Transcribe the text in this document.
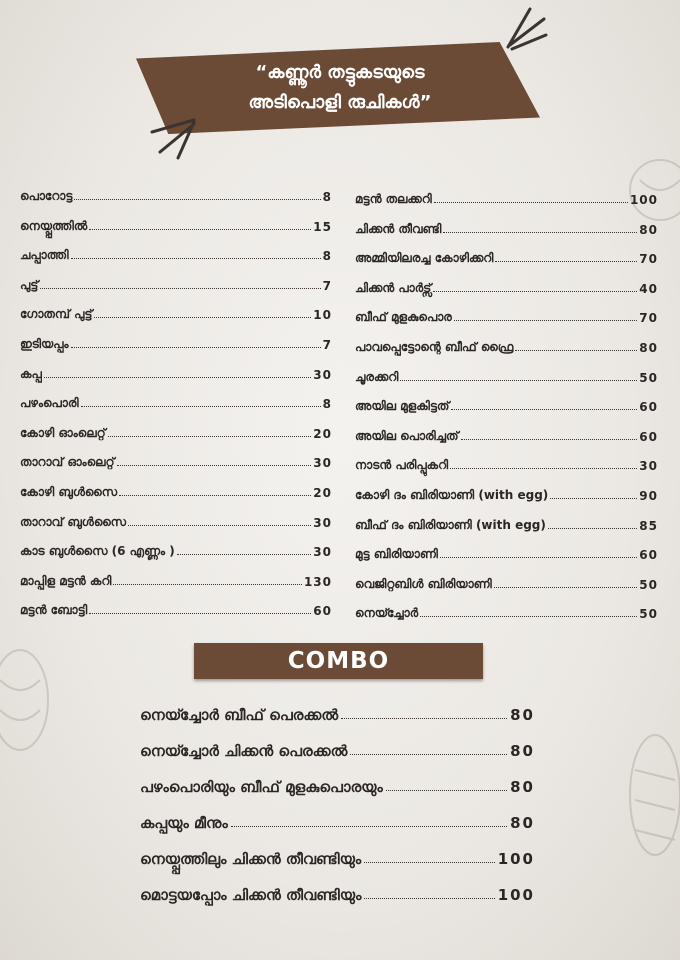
“കണ്ണൂർ തട്ടുകടയുടെ
അടിപൊളി രുചികൾ”
COMBO
പൊറോട്ട	8
നെയ്പ്പത്തിൽ	15
ചപ്പാത്തി	8
പുട്ട്	7
ഗോതമ്പ് പുട്ട്	10
ഇടിയപ്പം	7
കപ്പ	30
പഴംപൊരി	8
കോഴി ഓംലെറ്റ്	20
താറാവ് ഓംലെറ്റ്	30
കോഴി ബുൾസൈ	20
താറാവ് ബുൾസൈ	30
കാട ബുൾസൈ (6 എണ്ണം )	30
മാപ്പിള മട്ടൻ കറി	130
മട്ടൻ ബോട്ടി	60
മട്ടൻ തലക്കറി	100
ചിക്കൻ തീവണ്ടി	80
അമ്മിയിലരച്ച കോഴിക്കറി	70
ചിക്കൻ പാർട്സ്	40
ബീഫ് മുളകുപൊര	70
പാവപ്പെട്ടോന്റെ ബീഫ് ഫ്രൈ	80
ചൂരക്കറി	50
അയില മുളകിട്ടത്	60
അയില പൊരിച്ചത്	60
നാടൻ പരിപ്പുകറി	30
കോഴി ദം ബിരിയാണി (with egg)	90
ബീഫ് ദം ബിരിയാണി (with egg)	85
മുട്ട ബിരിയാണി	60
വെജിറ്റബിൾ ബിരിയാണി	50
നെയ്ച്ചോർ	50
നെയ്ച്ചോർ ബീഫ് പെരക്കൽ	80
നെയ്ച്ചോർ ചിക്കൻ പെരക്കൽ	80
പഴംപൊരിയും ബീഫ് മുളകുപൊരയും	80
കപ്പയും മീനും	80
നെയ്പ്പത്തിലും ചിക്കൻ തീവണ്ടിയും	100
മൊട്ടയപ്പോം ചിക്കൻ തീവണ്ടിയും	100
